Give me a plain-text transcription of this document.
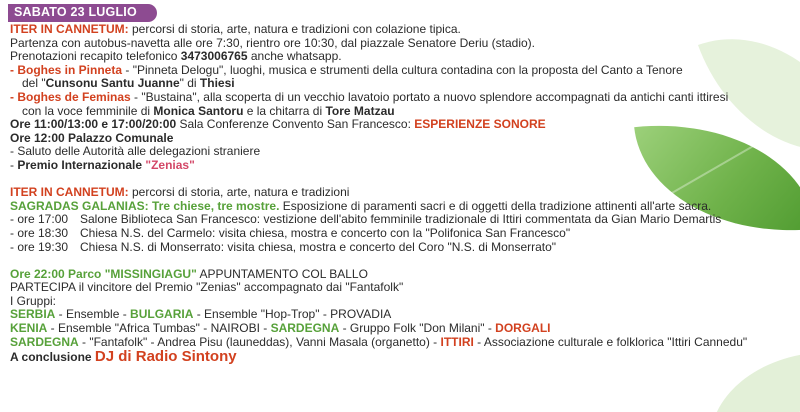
SABATO 23 LUGLIO
ITER IN CANNETUM: percorsi di storia, arte, natura e tradizioni con colazione tipica.
Partenza con autobus-navetta alle ore 7:30, rientro ore 10:30, dal piazzale Senatore Deriu (stadio).
Prenotazioni recapito telefonico 3473006765 anche whatsapp.
- Boghes in Pinneta - "Pinneta Delogu", luoghi, musica e strumenti della cultura contadina con la proposta del Canto a Tenore
del "Cunsonu Santu Juanne" di Thiesi
- Boghes de Feminas - "Bustaina", alla scoperta di un vecchio lavatoio portato a nuovo splendore accompagnati da antichi canti ittiresi
con la voce femminile di Monica Santoru e la chitarra di Tore Matzau
Ore 11:00/13:00 e 17:00/20:00 Sala Conferenze Convento San Francesco: ESPERIENZE SONORE
Ore 12:00 Palazzo Comunale
- Saluto delle Autorità alle delegazioni straniere
- Premio Internazionale "Zenias"
ITER IN CANNETUM: percorsi di storia, arte, natura e tradizioni
SAGRADAS GALANIAS: Tre chiese, tre mostre. Esposizione di paramenti sacri e di oggetti della tradizione attinenti all'arte sacra.
- ore 17:00 Salone Biblioteca San Francesco: vestizione dell'abito femminile tradizionale di Ittiri commentata da Gian Mario Demartis
- ore 18:30 Chiesa N.S. del Carmelo: visita chiesa, mostra e concerto con la "Polifonica San Francesco"
- ore 19:30 Chiesa N.S. di Monserrato: visita chiesa, mostra e concerto del Coro "N.S. di Monserrato"
Ore 22:00 Parco "MISSINGIAGU" APPUNTAMENTO COL BALLO
PARTECIPA il vincitore del Premio "Zenias" accompagnato dai "Fantafolk"
I Gruppi:
SERBIA - Ensemble - BULGARIA - Ensemble "Hop-Trop" - PROVADIA
KENIA - Ensemble "Africa Tumbas" - NAIROBI - SARDEGNA - Gruppo Folk "Don Milani" - DORGALI
SARDEGNA - "Fantafolk" - Andrea Pisu (launeddas), Vanni Masala (organetto) - ITTIRI - Associazione culturale e folklorica "Ittiri Cannedu"
A conclusione DJ di Radio Sintony
